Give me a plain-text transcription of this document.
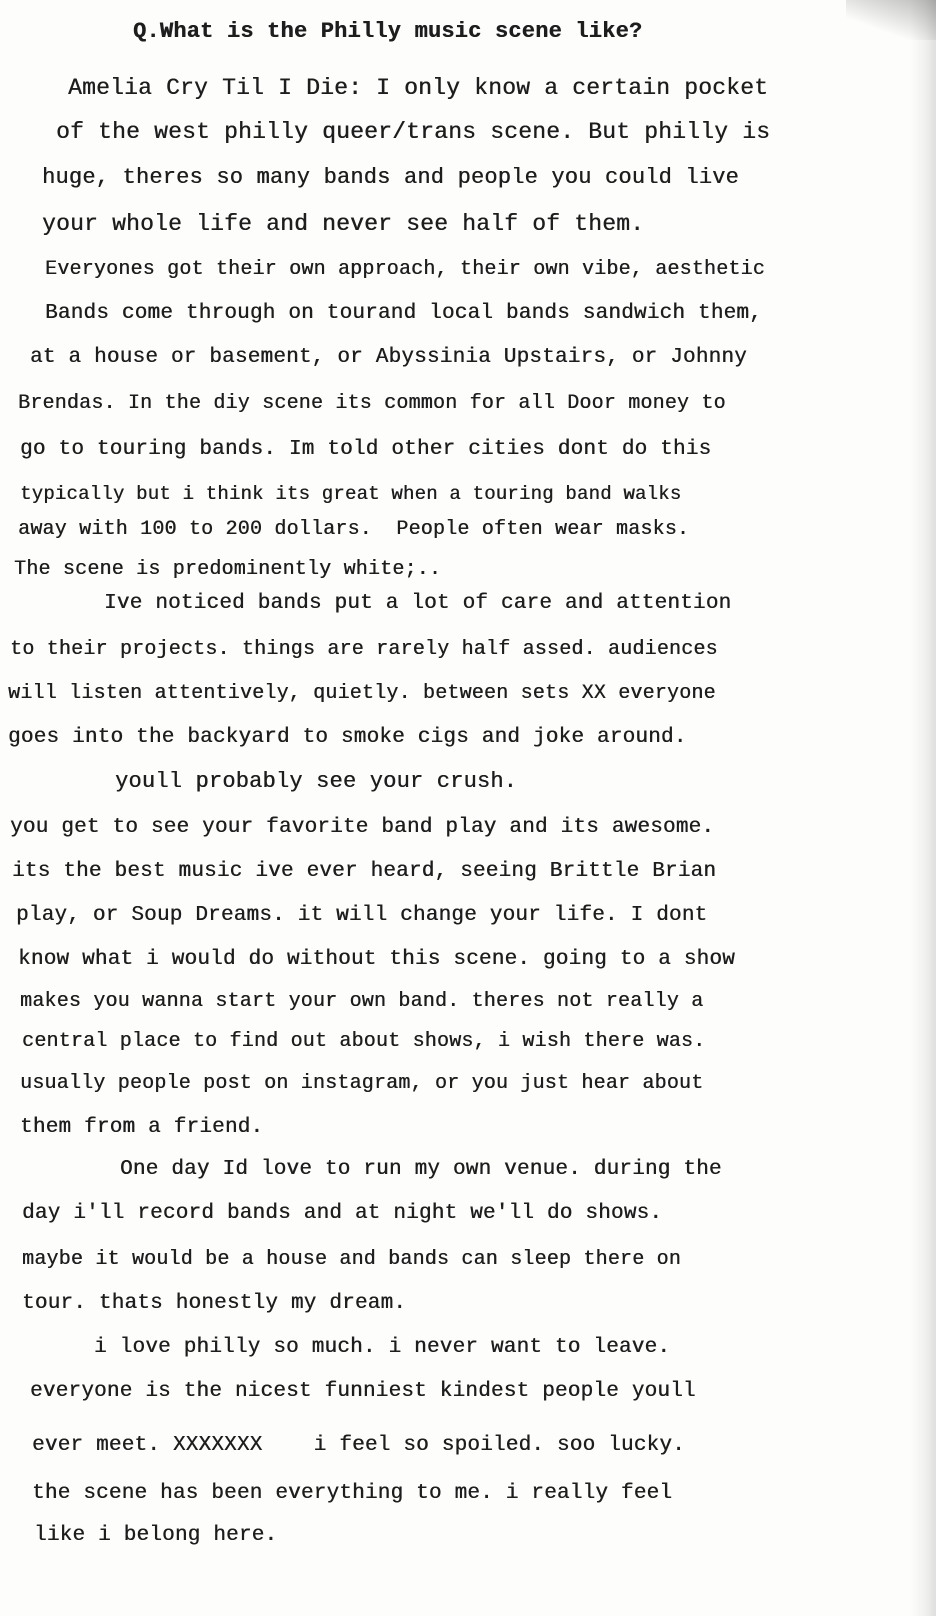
Q.What is the Philly music scene like?
Amelia Cry Til I Die: I only know a certain pocket
of the west philly queer/trans scene. But philly is
huge, theres so many bands and people you could live
your whole life and never see half of them.
Everyones got their own approach, their own vibe, aesthetic
Bands come through on tourand local bands sandwich them,
at a house or basement, or Abyssinia Upstairs, or Johnny
Brendas. In the diy scene its common for all Door money to
go to touring bands. Im told other cities dont do this
typically but i think its great when a touring band walks
away with 100 to 200 dollars.  People often wear masks.
The scene is predominently white;..
Ive noticed bands put a lot of care and attention
to their projects. things are rarely half assed. audiences
will listen attentively, quietly. between sets XX everyone
goes into the backyard to smoke cigs and joke around.
youll probably see your crush.
you get to see your favorite band play and its awesome.
its the best music ive ever heard, seeing Brittle Brian
play, or Soup Dreams. it will change your life. I dont
know what i would do without this scene. going to a show
makes you wanna start your own band. theres not really a
central place to find out about shows, i wish there was.
usually people post on instagram, or you just hear about
them from a friend.
One day Id love to run my own venue. during the
day i'll record bands and at night we'll do shows.
maybe it would be a house and bands can sleep there on
tour. thats honestly my dream.
i love philly so much. i never want to leave.
everyone is the nicest funniest kindest people youll
ever meet. XXXXXXX    i feel so spoiled. soo lucky.
the scene has been everything to me. i really feel
like i belong here.
